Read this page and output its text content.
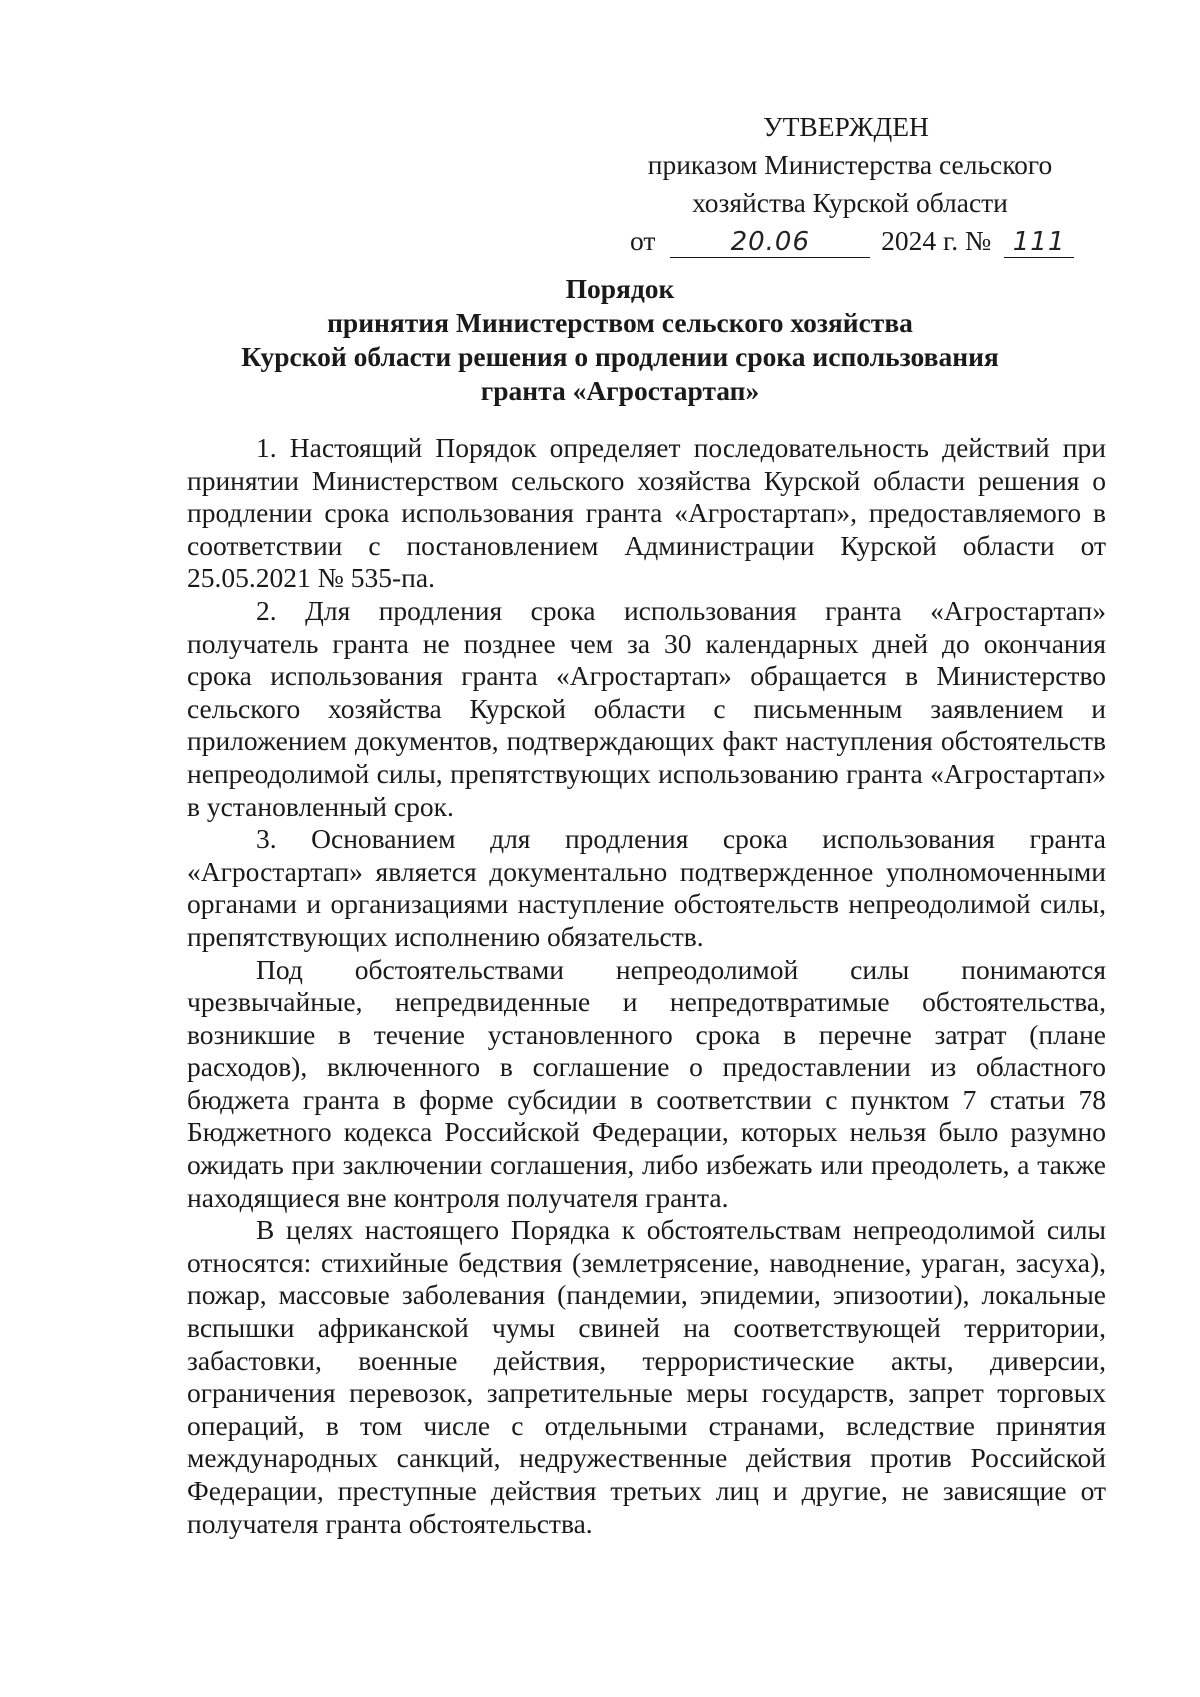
УТВЕРЖДЕН
приказом Министерства сельского
хозяйства Курской области
от	20.06	2024 г. № 111
Порядок
принятия Министерством сельского хозяйства
Курской области решения о продлении срока использования
гранта «Агростартап»

1. Настоящий Порядок определяет последовательность действий при принятии Министерством сельского хозяйства Курской области решения о продлении срока использования гранта «Агростартап», предоставляемого в соответствии с постановлением Администрации Курской области от 25.05.2021 № 535-па.

2. Для продления срока использования гранта «Агростартап» получатель гранта не позднее чем за 30 календарных дней до окончания срока использования гранта «Агростартап» обращается в Министерство сельского хозяйства Курской области с письменным заявлением и приложением документов, подтверждающих факт наступления обстоятельств непреодолимой силы, препятствующих использованию гранта «Агростартап» в установленный срок.

3. Основанием для продления срока использования гранта «Агростартап» является документально подтвержденное уполномоченными органами и организациями наступление обстоятельств непреодолимой силы, препятствующих исполнению обязательств.

Под обстоятельствами непреодолимой силы понимаются чрезвычайные, непредвиденные и непредотвратимые обстоятельства, возникшие в течение установленного срока в перечне затрат (плане расходов), включенного в соглашение о предоставлении из областного бюджета гранта в форме субсидии в соответствии с пунктом 7 статьи 78 Бюджетного кодекса Российской Федерации, которых нельзя было разумно ожидать при заключении соглашения, либо избежать или преодолеть, а также находящиеся вне контроля получателя гранта.

В целях настоящего Порядка к обстоятельствам непреодолимой силы относятся: стихийные бедствия (землетрясение, наводнение, ураган, засуха), пожар, массовые заболевания (пандемии, эпидемии, эпизоотии), локальные вспышки африканской чумы свиней на соответствующей территории, забастовки, военные действия, террористические акты, диверсии, ограничения перевозок, запретительные меры государств, запрет торговых операций, в том числе с отдельными странами, вследствие принятия международных санкций, недружественные действия против Российской Федерации, преступные действия третьих лиц и другие, не зависящие от получателя гранта обстоятельства.
